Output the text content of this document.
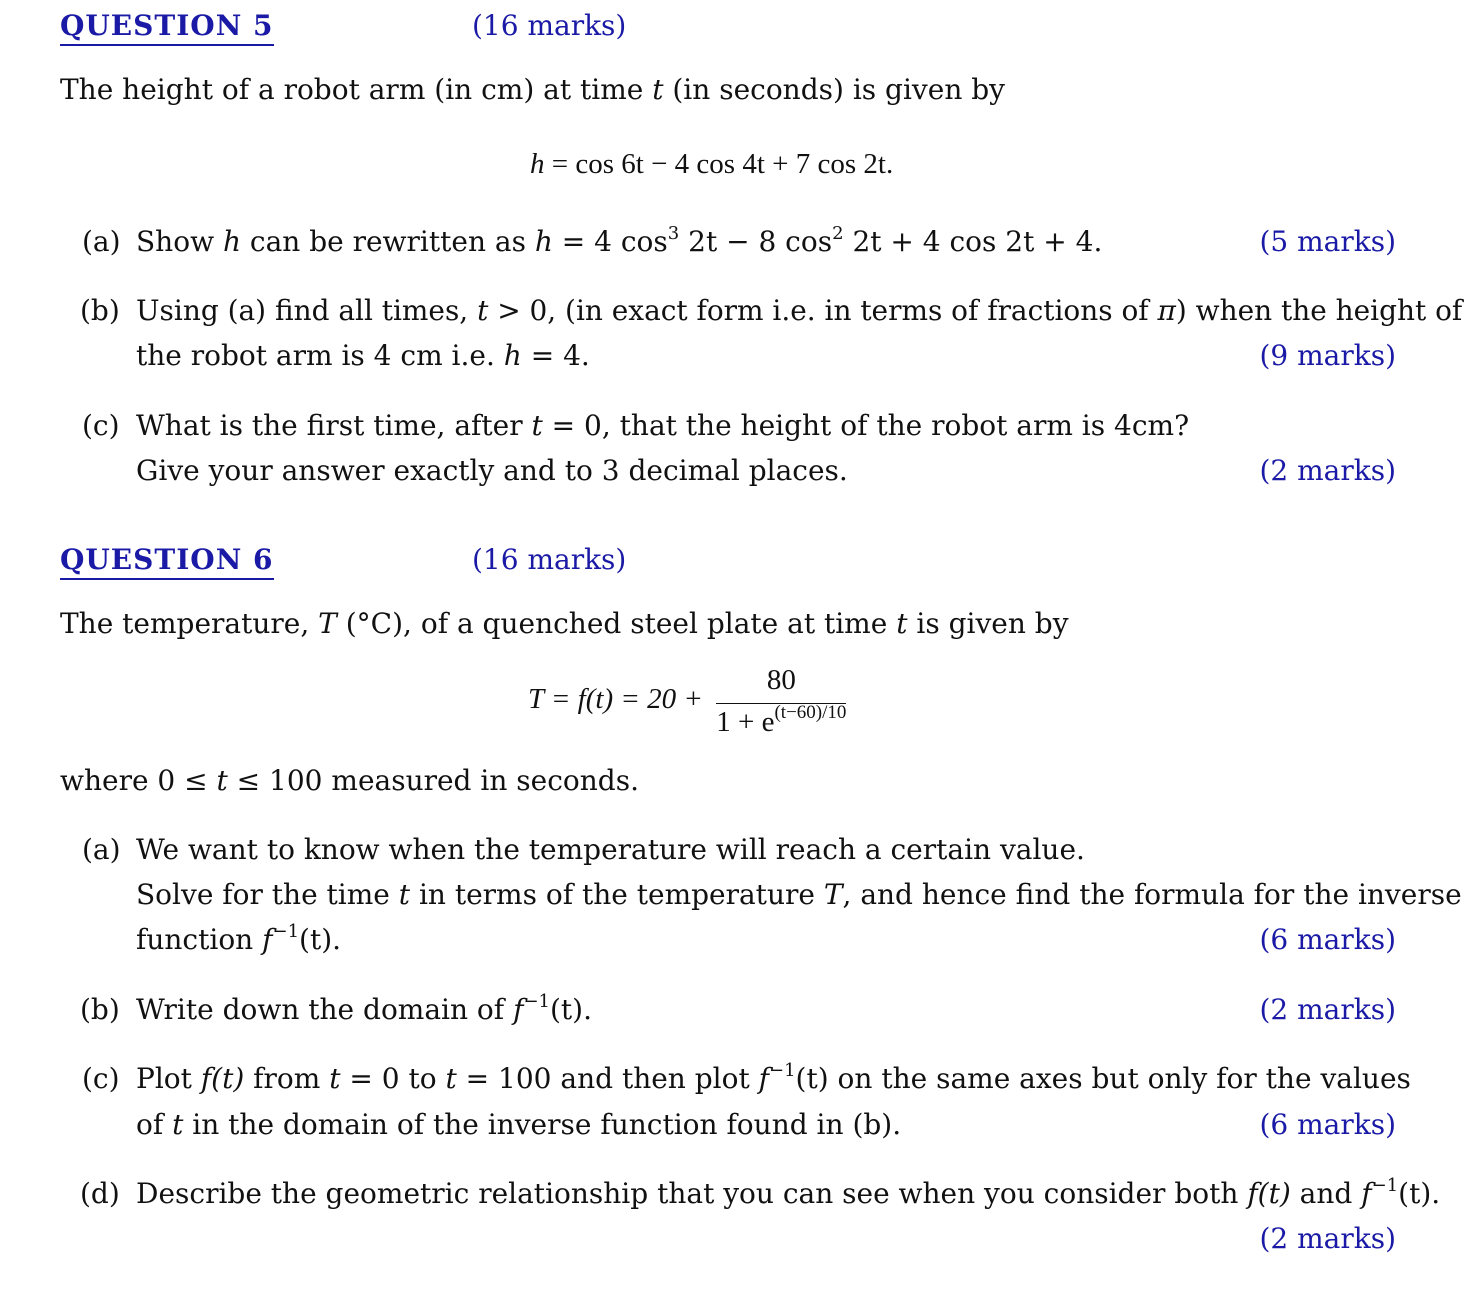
QUESTION 5	(16 marks)
The height of a robot arm (in cm) at time t (in seconds) is given by
h = cos 6t − 4 cos 4t + 7 cos 2t.
(a) Show h can be rewritten as h = 4 $\cos^3 2t - 8$ $\cos^2 2t + 4$ cos 2t + 4.	(5 marks)
(b) Using (a) find all times, t > 0, (in exact form i.e. in terms of fractions of π) when the height of
the robot arm is 4 cm i.e. h = 4.	(9 marks)
(c) What is the first time, after t = 0, that the height of the robot arm is 4cm?
Give your answer exactly and to 3 decimal places.	(2 marks)
QUESTION 6	(16 marks)
The temperature, T (°C), of a quenched steel plate at time t is given by
$T = f(t) = 20 + \frac{80}{1 + e^{(t-60)/10}}$
where 0 ≤ t ≤ 100 measured in seconds.
(a) We want to know when the temperature will reach a certain value.
Solve for the time t in terms of the temperature T, and hence find the formula for the inverse
function $f^{-1}(t)$.	(6 marks)
(b) Write down the domain of $f^{-1}(t)$.	(2 marks)
(c) Plot f(t) from t = 0 to t = 100 and then plot $f^{-1}(t)$ on the same axes but only for the values
of t in the domain of the inverse function found in (b).	(6 marks)
(d) Describe the geometric relationship that you can see when you consider both f(t) and $f^{-1}(t)$.
(2 marks)
